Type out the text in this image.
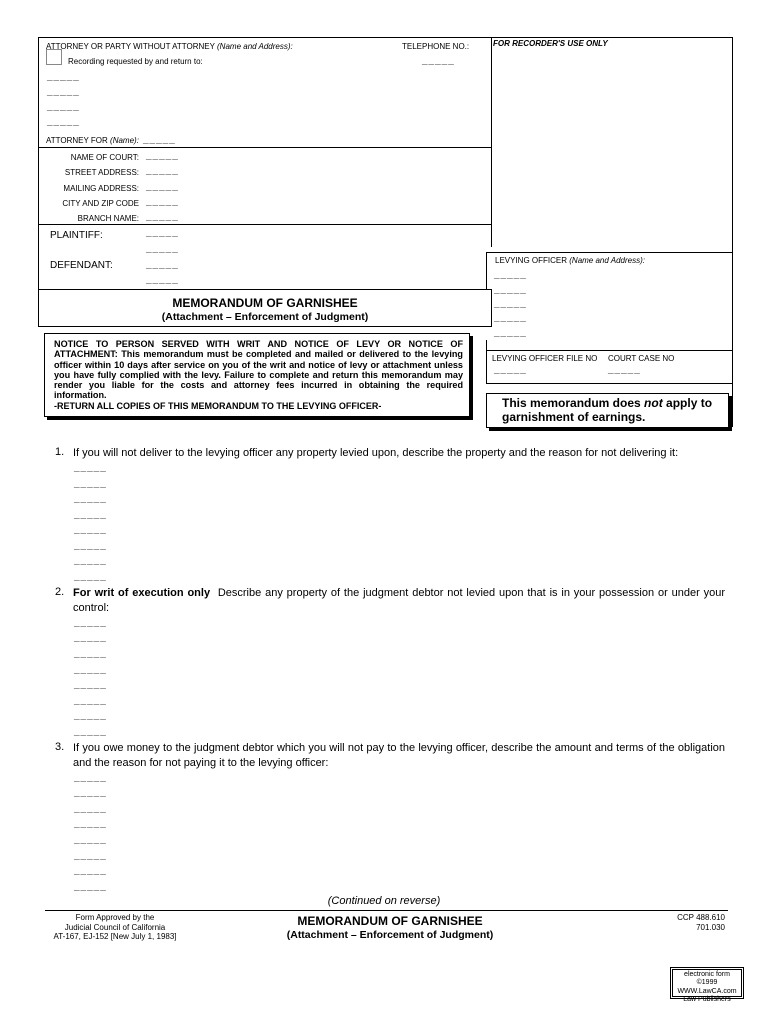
ATTORNEY OR PARTY WITHOUT ATTORNEY (Name and Address):	TELEPHONE NO.:
_____
FOR RECORDER'S USE ONLY
Recording requested by and return to:
_____
_____
_____
_____
ATTORNEY FOR (Name): _____
NAME OF COURT: _____
STREET ADDRESS: _____
MAILING ADDRESS: _____
CITY AND ZIP CODE _____
BRANCH NAME: _____
PLAINTIFF:	_____
_____
DEFENDANT:	_____
_____
MEMORANDUM OF GARNISHEE
(Attachment – Enforcement of Judgment)
LEVYING OFFICER (Name and Address):
_____
_____
_____
_____
_____
LEVYING OFFICER FILE NO
_____
COURT CASE NO
_____
NOTICE TO PERSON SERVED WITH WRIT AND NOTICE OF LEVY OR NOTICE OF ATTACHMENT: This memorandum must be completed and mailed or delivered to the levying officer within 10 days after service on you of the writ and notice of levy or attachment unless you have fully complied with the levy. Failure to complete and return this memorandum may render you liable for the costs and attorney fees incurred in obtaining the required information.
-RETURN ALL COPIES OF THIS MEMORANDUM TO THE LEVYING OFFICER-	This memorandum does not apply to
garnishment of earnings.
1. If you will not deliver to the levying officer any property levied upon, describe the property and the reason for not delivering it:
_____
_____
_____
_____
_____
_____
_____
_____
2. For writ of execution only Describe any property of the judgment debtor not levied upon that is in your possession or under your control:
_____
_____
_____
_____
_____
_____
_____
_____
3. If you owe money to the judgment debtor which you will not pay to the levying officer, describe the amount and terms of the obligation and the reason for not paying it to the levying officer:
_____
_____
_____
_____
_____
_____
_____
_____
(Continued on reverse)
Form Approved by the
Judicial Council of California
AT-167, EJ-152 [New July 1, 1983]
MEMORANDUM OF GARNISHEE
(Attachment – Enforcement of Judgment)
CCP 488.610
701.030
electronic form ©1999
WWW.LawCA.com
Law Publishers
